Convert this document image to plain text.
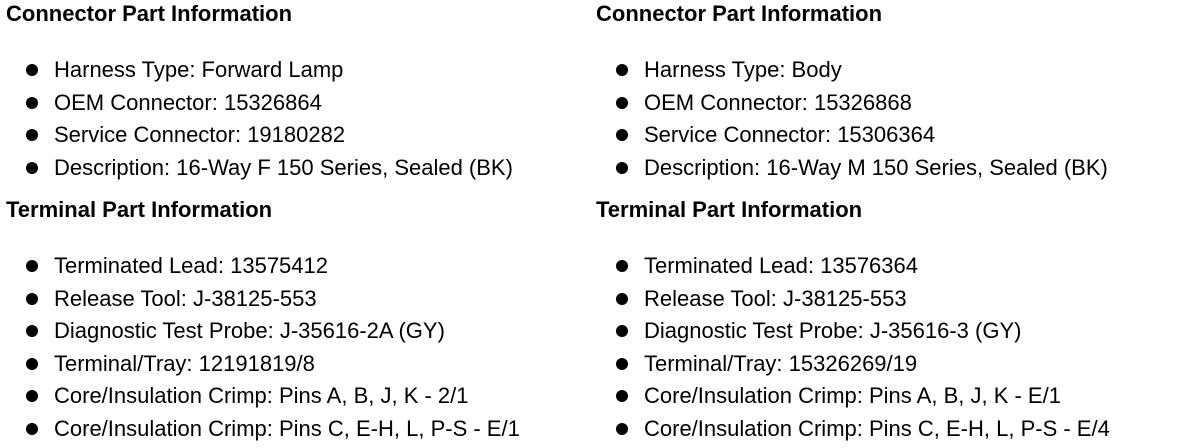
Connector Part Information
Harness Type: Forward Lamp
OEM Connector: 15326864
Service Connector: 19180282
Description: 16-Way F 150 Series, Sealed (BK)
Terminal Part Information
Terminated Lead: 13575412
Release Tool: J-38125-553
Diagnostic Test Probe: J-35616-2A (GY)
Terminal/Tray: 12191819/8
Core/Insulation Crimp: Pins A, B, J, K - 2/1
Core/Insulation Crimp: Pins C, E-H, L, P-S - E/1
Connector Part Information
Harness Type: Body
OEM Connector: 15326868
Service Connector: 15306364
Description: 16-Way M 150 Series, Sealed (BK)
Terminal Part Information
Terminated Lead: 13576364
Release Tool: J-38125-553
Diagnostic Test Probe: J-35616-3 (GY)
Terminal/Tray: 15326269/19
Core/Insulation Crimp: Pins A, B, J, K - E/1
Core/Insulation Crimp: Pins C, E-H, L, P-S - E/4
